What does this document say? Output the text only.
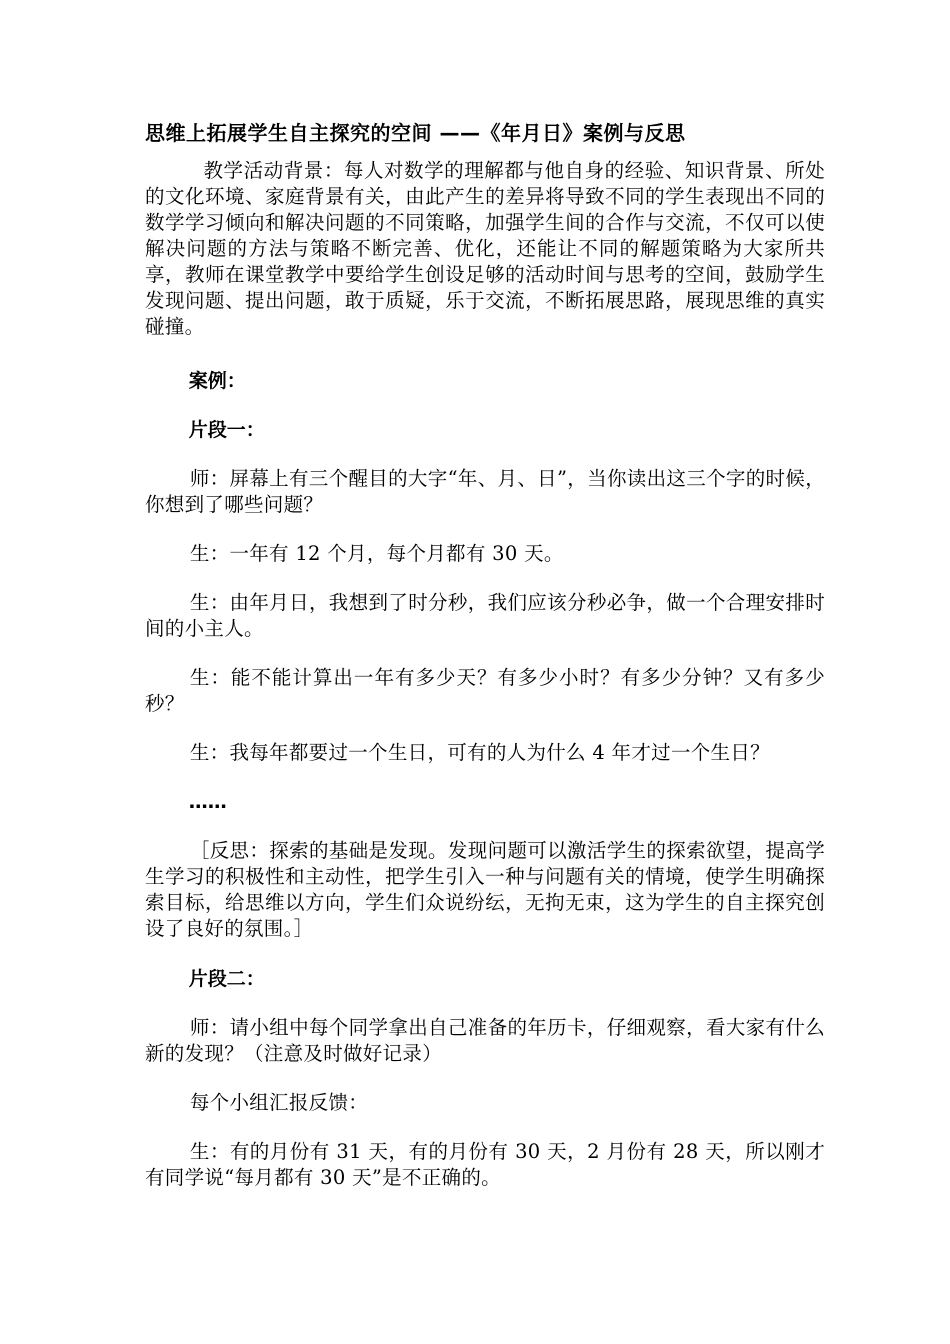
思维上拓展学生自主探究的空间 ——《年月日》案例与反思

教学活动背景：每人对数学的理解都与他自身的经验、知识背景、所处的文化环境、家庭背景有关，由此产生的差异将导致不同的学生表现出不同的数学学习倾向和解决问题的不同策略，加强学生间的合作与交流，不仅可以使解决问题的方法与策略不断完善、优化，还能让不同的解题策略为大家所共享，教师在课堂教学中要给学生创设足够的活动时间与思考的空间，鼓励学生发现问题、提出问题，敢于质疑，乐于交流，不断拓展思路，展现思维的真实碰撞。

案例：
片段一：

师：屏幕上有三个醒目的大字“年、月、日”，当你读出这三个字的时候，你想到了哪些问题？

生：一年有 12 个月，每个月都有 30 天。

生：由年月日，我想到了时分秒，我们应该分秒必争，做一个合理安排时间的小主人。

生：能不能计算出一年有多少天？有多少小时？有多少分钟？又有多少秒？

生：我每年都要过一个生日，可有的人为什么 4 年才过一个生日？

……

［反思：探索的基础是发现。发现问题可以激活学生的探索欲望，提高学生学习的积极性和主动性，把学生引入一种与问题有关的情境，使学生明确探索目标，给思维以方向，学生们众说纷纭，无拘无束，这为学生的自主探究创设了良好的氛围。］

片段二：

师：请小组中每个同学拿出自己准备的年历卡，仔细观察，看大家有什么新的发现？（注意及时做好记录）

每个小组汇报反馈：

生：有的月份有 31 天，有的月份有 30 天，2 月份有 28 天，所以刚才有同学说“每月都有 30 天”是不正确的。
